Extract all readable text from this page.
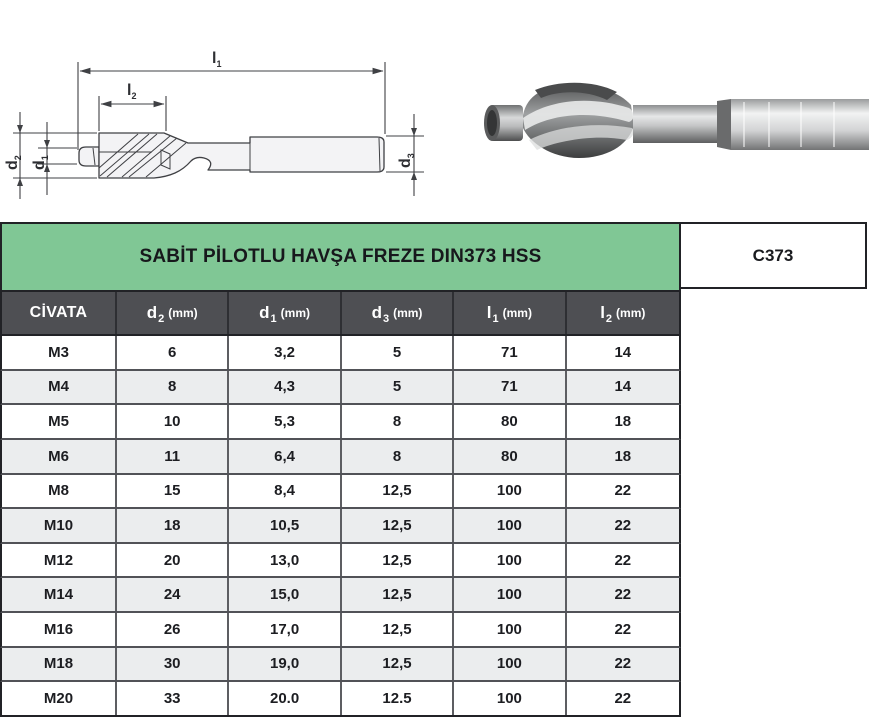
$l_1$
$l_2$
$d_2$
$d_1$
$d_3$
SABİT PİLOTLU HAVŞA FREZE DIN373 HSS	C373
CİVATA	d 2 (mm)	d 1 (mm)	d 3 (mm)	l 1 (mm)	l 2 (mm)
M3	6	3,2	5	71	14
M4	8	4,3	5	71	14
M5	10	5,3	8	80	18
M6	11	6,4	8	80	18
M8	15	8,4	12,5	100	22
M10	18	10,5	12,5	100	22
M12	20	13,0	12,5	100	22
M14	24	15,0	12,5	100	22
M16	26	17,0	12,5	100	22
M18	30	19,0	12,5	100	22
M20	33	20.0	12.5	100	22
